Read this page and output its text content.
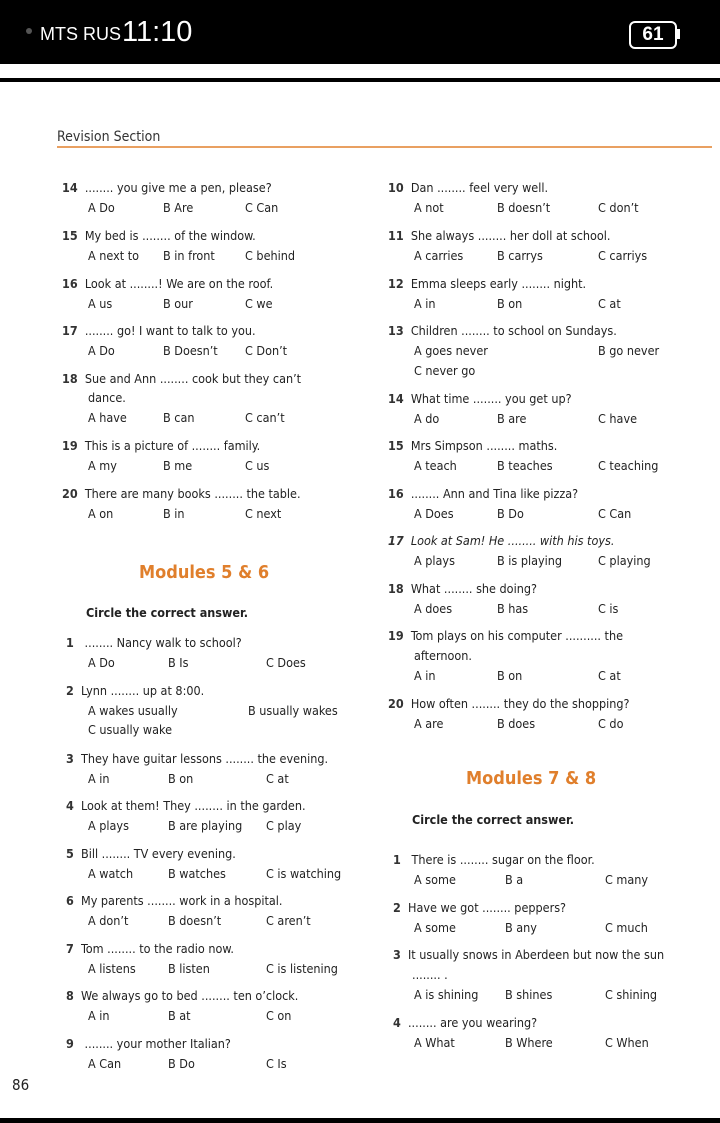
MTS RUS 11:10	61
Revision Section
14 ........ you give me a pen, please?
A Do	B Are	C Can
15 My bed is ........ of the window.
A next to B in front C behind
16 Look at ........! We are on the roof.
A us	B our	C we
17 ........ go! I want to talk to you.
A Do	B Doesn’t C Don’t
18 Sue and Ann ........ cook but they can’t
dance.
A have	B can	C can’t
19 This is a picture of ........ family.
A my	B me	C us
20 There are many books ........ the table.
A on	B in	C next
Modules 5 & 6
Circle the correct answer.
1 ........ Nancy walk to school?
A Do	B Is	C Does
2 Lynn ........ up at 8:00.
A wakes usually	B usually wakes
C usually wake
3 They have guitar lessons ........ the evening.
A in	B on	C at
4 Look at them! They ........ in the garden.
A plays	B are playing C play
5 Bill ........ TV every evening.
A watch	B watches	C is watching
6 My parents ........ work in a hospital.
A don’t	B doesn’t	C aren’t
7 Tom ........ to the radio now.
A listens	B listen	C is listening
8 We always go to bed ........ ten o’clock.
A in	B at	C on
9 ........ your mother Italian?
A Can	B Do	C Is
10 Dan ........ feel very well.
A not	B doesn’t	C don’t
11 She always ........ her doll at school.
A carries	B carrys	C carriys
12 Emma sleeps early ........ night.
A in	B on	C at
13 Children ........ to school on Sundays.
A goes never	B go never
C never go
14 What time ........ you get up?
A do	B are	C have
15 Mrs Simpson ........ maths.
A teach	B teaches	C teaching
16 ........ Ann and Tina like pizza?
A Does	B Do	C Can
17 Look at Sam! He ........ with his toys.
A plays	B is playing	C playing
18 What ........ she doing?
A does	B has	C is
19 Tom plays on his computer .......... the
afternoon.
A in	B on	C at
20 How often ........ they do the shopping?
A are	B does	C do
Modules 7 & 8
Circle the correct answer.
1 There is ........ sugar on the floor.
A some	B a	C many
2 Have we got ........ peppers?
A some	B any	C much
3 It usually snows in Aberdeen but now the sun
........ .
A is shining B shines	C shining
4 ........ are you wearing?
A What	B Where	C When
86
